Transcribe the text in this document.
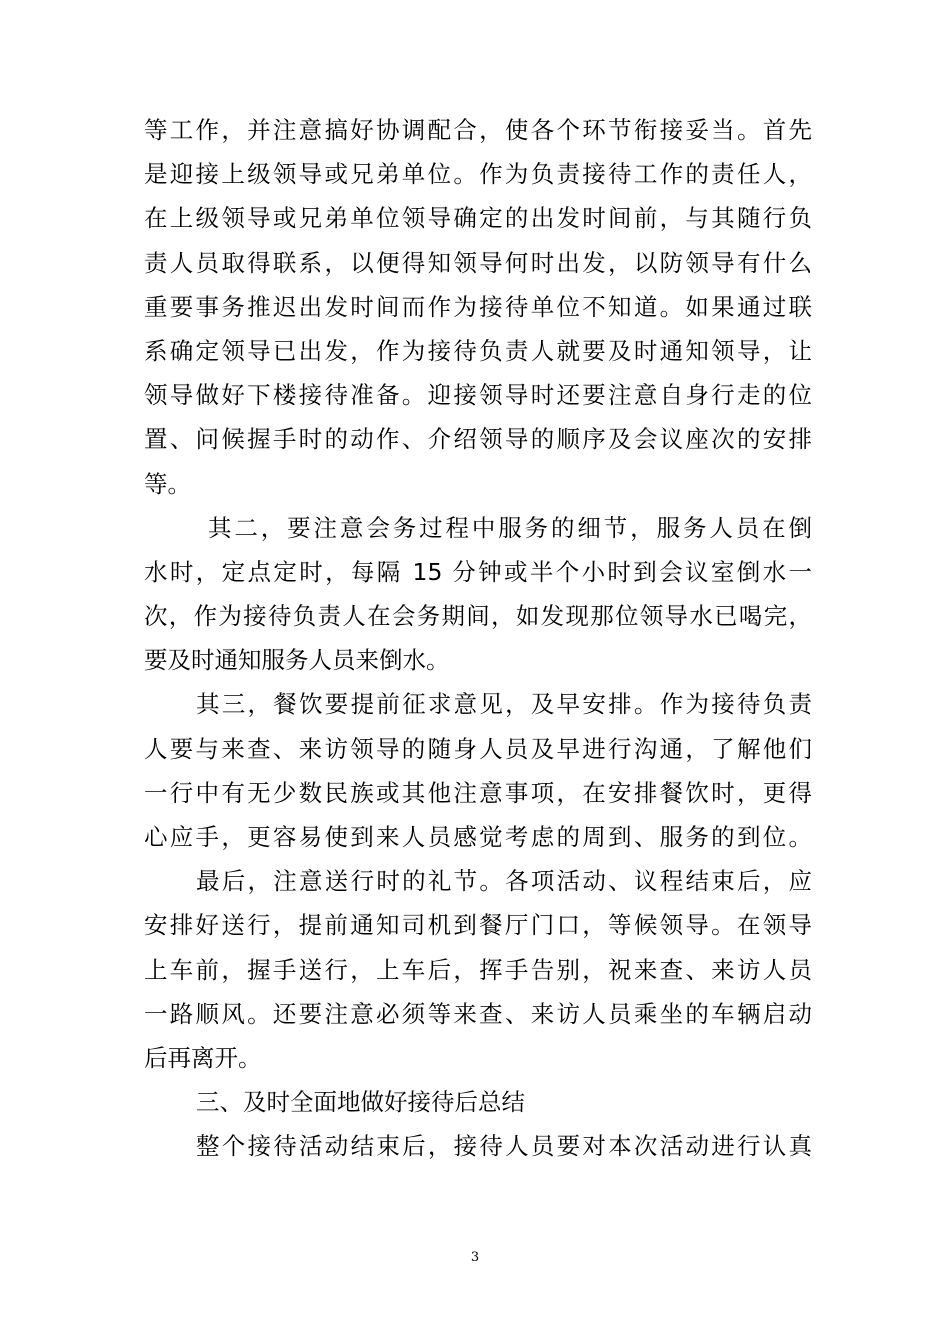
等工作，并注意搞好协调配合，使各个环节衔接妥当。首先
是迎接上级领导或兄弟单位。作为负责接待工作的责任人，
在上级领导或兄弟单位领导确定的出发时间前，与其随行负
责人员取得联系，以便得知领导何时出发，以防领导有什么
重要事务推迟出发时间而作为接待单位不知道。如果通过联
系确定领导已出发，作为接待负责人就要及时通知领导，让
领导做好下楼接待准备。迎接领导时还要注意自身行走的位
置、问候握手时的动作、介绍领导的顺序及会议座次的安排
等。
其二，要注意会务过程中服务的细节，服务人员在倒
水时，定点定时，每隔 15 分钟或半个小时到会议室倒水一
次，作为接待负责人在会务期间，如发现那位领导水已喝完，
要及时通知服务人员来倒水。
其三，餐饮要提前征求意见，及早安排。作为接待负责
人要与来查、来访领导的随身人员及早进行沟通，了解他们
一行中有无少数民族或其他注意事项，在安排餐饮时，更得
心应手，更容易使到来人员感觉考虑的周到、服务的到位。
最后，注意送行时的礼节。各项活动、议程结束后，应
安排好送行，提前通知司机到餐厅门口，等候领导。在领导
上车前，握手送行，上车后，挥手告别，祝来查、来访人员
一路顺风。还要注意必须等来查、来访人员乘坐的车辆启动
后再离开。
三、及时全面地做好接待后总结
整个接待活动结束后，接待人员要对本次活动进行认真
3
